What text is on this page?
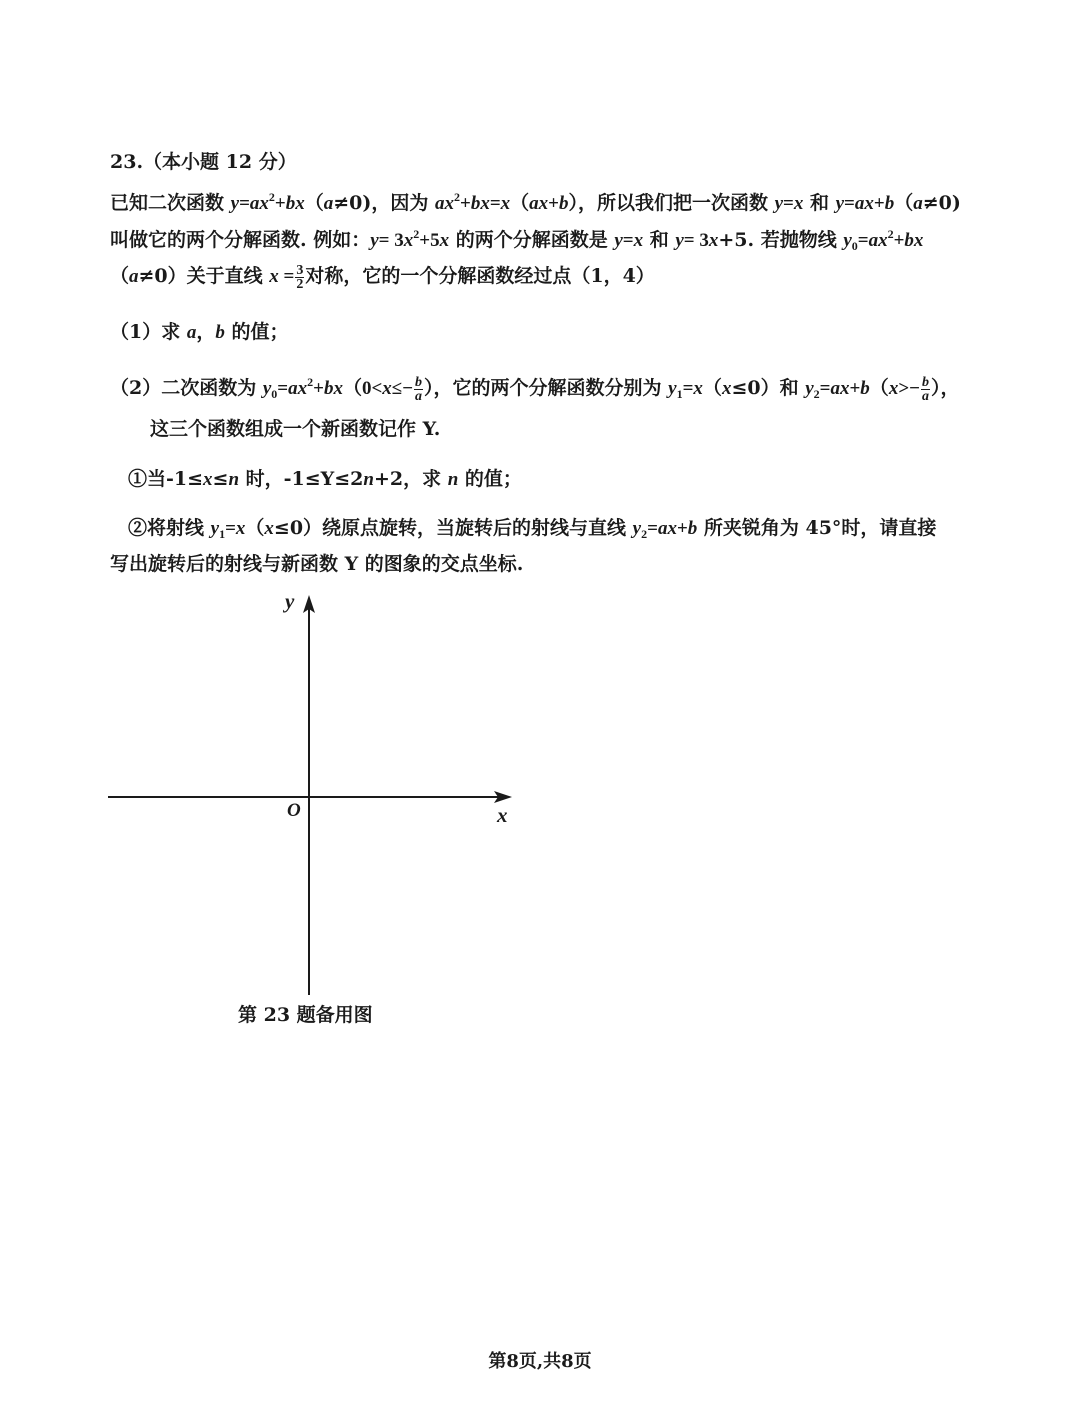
23.（本小题 12 分）
已知二次函数 $y=ax^2+bx(a\ne 0)$，因为 $ax^2+bx=x(ax+b)$，所以我们把一次函数 y=x 和 y=ax+b（a≠0)
叫做它的两个分解函数. 例如：$y= 3x^2+5x$ 的两个分解函数是 y=x 和 y= 3x+5. 若抛物线 $y_0=ax^2+bx$
（a≠0）关于直线 $x = \frac{3}{2}$ 对称，它的一个分解函数经过点（1，4）
（1）求 a，b 的值；
（2）二次函数为 $y_0=ax^2+bx(0<x\le- \frac{b}{a}$ ），它的两个分解函数分别为 $y_1=x(x\le 0)$和 $y_2=ax+b(x>- \frac{b}{a}$ ），
这三个函数组成一个新函数记作 Y.
①当-1≤x≤n 时，-1≤Y≤2n+2，求 n 的值；
②将射线 $y_1=x(x\le 0)$绕原点旋转，当旋转后的射线与直线 $y_2=ax+b$ 所夹锐角为 45°时，请直接
写出旋转后的射线与新函数 Y 的图象的交点坐标.
y
x
O
第 23 题备用图
第8页,共8页
